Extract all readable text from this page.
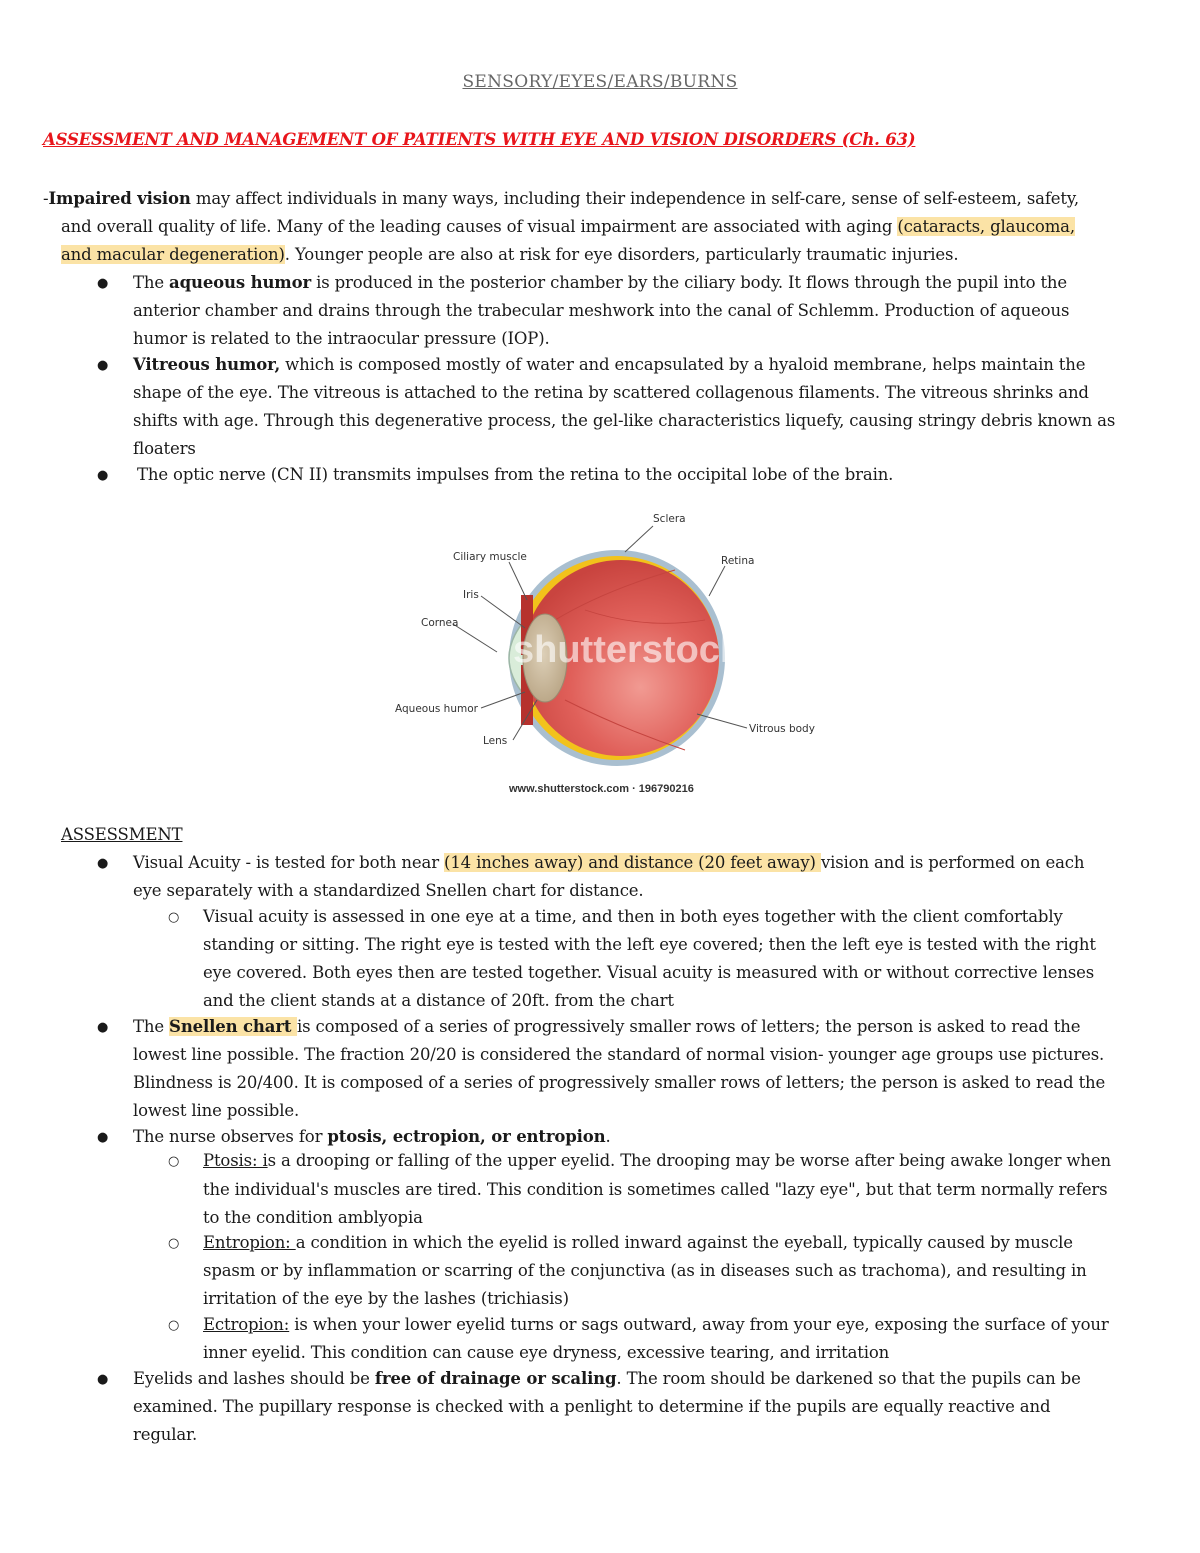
SENSORY/EYES/EARS/BURNS
ASSESSMENT AND MANAGEMENT OF PATIENTS WITH EYE AND VISION DISORDERS (Ch. 63)
-Impaired vision may affect individuals in many ways, including their independence in self-care, sense of self-esteem, safety,
and overall quality of life. Many of the leading causes of visual impairment are associated with aging (cataracts, glaucoma,
and macular degeneration). Younger people are also at risk for eye disorders, particularly traumatic injuries.
● The aqueous humor is produced in the posterior chamber by the ciliary body. It flows through the pupil into the
anterior chamber and drains through the trabecular meshwork into the canal of Schlemm. Production of aqueous
humor is related to the intraocular pressure (IOP).
● Vitreous humor, which is composed mostly of water and encapsulated by a hyaloid membrane, helps maintain the
shape of the eye. The vitreous is attached to the retina by scattered collagenous filaments. The vitreous shrinks and
shifts with age. Through this degenerative process, the gel-like characteristics liquefy, causing stringy debris known as
floaters
● The optic nerve (CN II) transmits impulses from the retina to the occipital lobe of the brain.
Sclera
Ciliary muscle	Retina
Iris
Cornea
Aqueous humor
Lens
Vitrous body
shutterstock
www.shutterstock.com · 196790216
ASSESSMENT
● Visual Acuity - is tested for both near (14 inches away) and distance (20 feet away) vision and is performed on each
eye separately with a standardized Snellen chart for distance.
○ Visual acuity is assessed in one eye at a time, and then in both eyes together with the client comfortably
standing or sitting. The right eye is tested with the left eye covered; then the left eye is tested with the right
eye covered. Both eyes then are tested together. Visual acuity is measured with or without corrective lenses
and the client stands at a distance of 20ft. from the chart
● The Snellen chart is composed of a series of progressively smaller rows of letters; the person is asked to read the
lowest line possible. The fraction 20/20 is considered the standard of normal vision- younger age groups use pictures.
Blindness is 20/400. It is composed of a series of progressively smaller rows of letters; the person is asked to read the
lowest line possible.
● The nurse observes for ptosis, ectropion, or entropion.
○ Ptosis: is a drooping or falling of the upper eyelid. The drooping may be worse after being awake longer when
the individual's muscles are tired. This condition is sometimes called "lazy eye", but that term normally refers
to the condition amblyopia
○ Entropion: a condition in which the eyelid is rolled inward against the eyeball, typically caused by muscle
spasm or by inflammation or scarring of the conjunctiva (as in diseases such as trachoma), and resulting in
irritation of the eye by the lashes (trichiasis)
○ Ectropion: is when your lower eyelid turns or sags outward, away from your eye, exposing the surface of your
inner eyelid. This condition can cause eye dryness, excessive tearing, and irritation
● Eyelids and lashes should be free of drainage or scaling. The room should be darkened so that the pupils can be
examined. The pupillary response is checked with a penlight to determine if the pupils are equally reactive and
regular.
